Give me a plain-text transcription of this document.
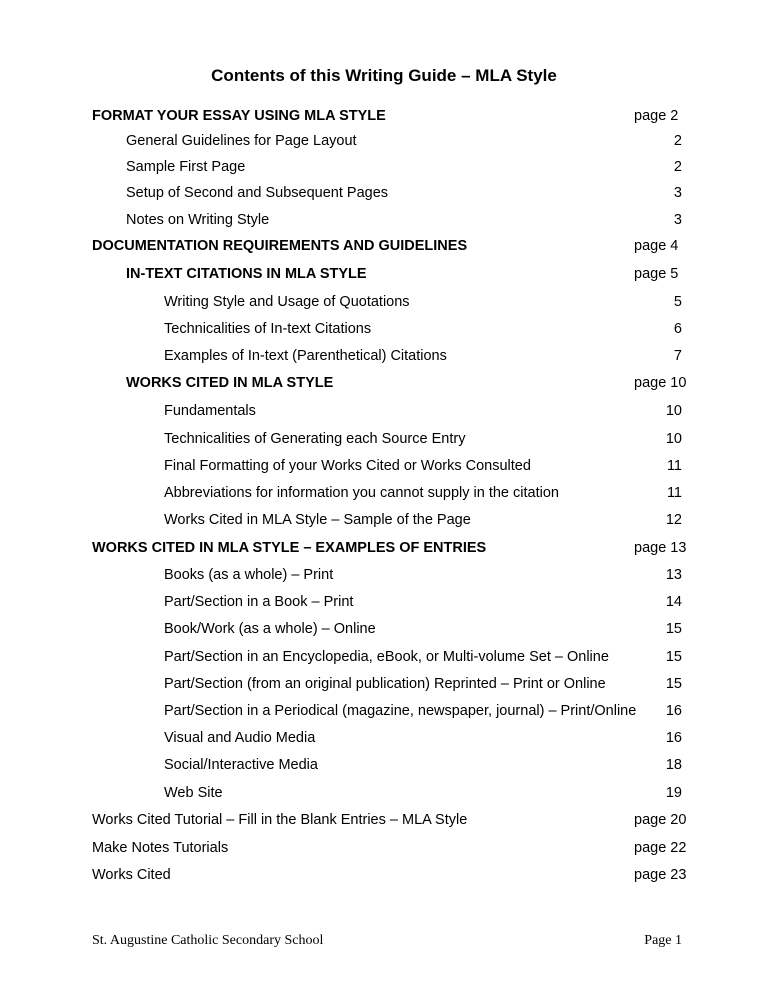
Contents of this Writing Guide – MLA Style
FORMAT YOUR ESSAY USING MLA STYLE	page 2
General Guidelines for Page Layout	2
Sample First Page	2
Setup of Second and Subsequent Pages	3
Notes on Writing Style	3
DOCUMENTATION REQUIREMENTS AND GUIDELINES	page 4
IN-TEXT CITATIONS IN MLA STYLE	page 5
Writing Style and Usage of Quotations	5
Technicalities of In-text Citations	6
Examples of In-text (Parenthetical) Citations	7
WORKS CITED IN MLA STYLE	page 10
Fundamentals	10
Technicalities of Generating each Source Entry	10
Final Formatting of your Works Cited or Works Consulted	11
Abbreviations for information you cannot supply in the citation	11
Works Cited in MLA Style – Sample of the Page	12
WORKS CITED IN MLA STYLE – EXAMPLES OF ENTRIES	page 13
Books (as a whole) – Print	13
Part/Section in a Book – Print	14
Book/Work (as a whole) – Online	15
Part/Section in an Encyclopedia, eBook, or Multi-volume Set – Online	15
Part/Section (from an original publication) Reprinted – Print or Online	15
Part/Section in a Periodical (magazine, newspaper, journal) – Print/Online 16
Visual and Audio Media	16
Social/Interactive Media	18
Web Site	19
Works Cited Tutorial – Fill in the Blank Entries – MLA Style	page 20
Make Notes Tutorials	page 22
Works Cited	page 23
St. Augustine Catholic Secondary School	Page 1
